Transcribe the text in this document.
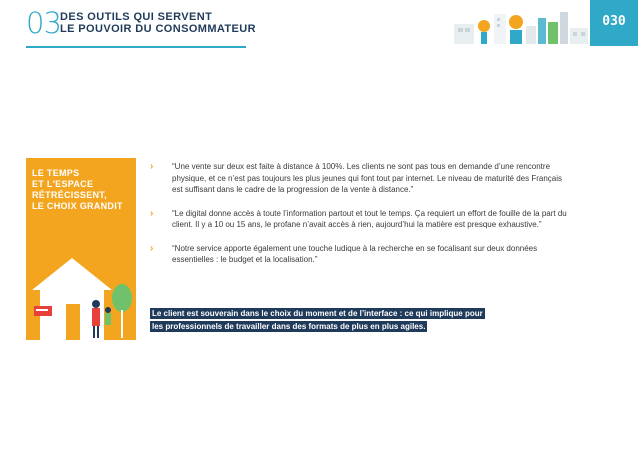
03 DES OUTILS QUI SERVENT
LE POUVOIR DU CONSOMMATEUR	030
LE TEMPS
ET L'ESPACE
RÉTRÉCISSENT,
LE CHOIX GRANDIT
› “Une vente sur deux est faite à distance à 100%. Les clients ne sont pas tous en demande d’une rencontre physique, et ce n’est pas toujours les plus jeunes qui font tout par internet. Le niveau de maturité des Français est suffisant dans le cadre de la progression de la vente à distance.”
› “Le digital donne accès à toute l’information partout et tout le temps. Ça requiert un effort de fouille de la part du client. Il y a 10 ou 15 ans, le profane n’avait accès à rien, aujourd’hui la matière est presque exhaustive.”
› “Notre service apporte également une touche ludique à la recherche en se focalisant sur deux données essentielles : le budget et la localisation.”
Le client est souverain dans le choix du moment et de l’interface : ce qui implique pour
les professionnels de travailler dans des formats de plus en plus agiles.
